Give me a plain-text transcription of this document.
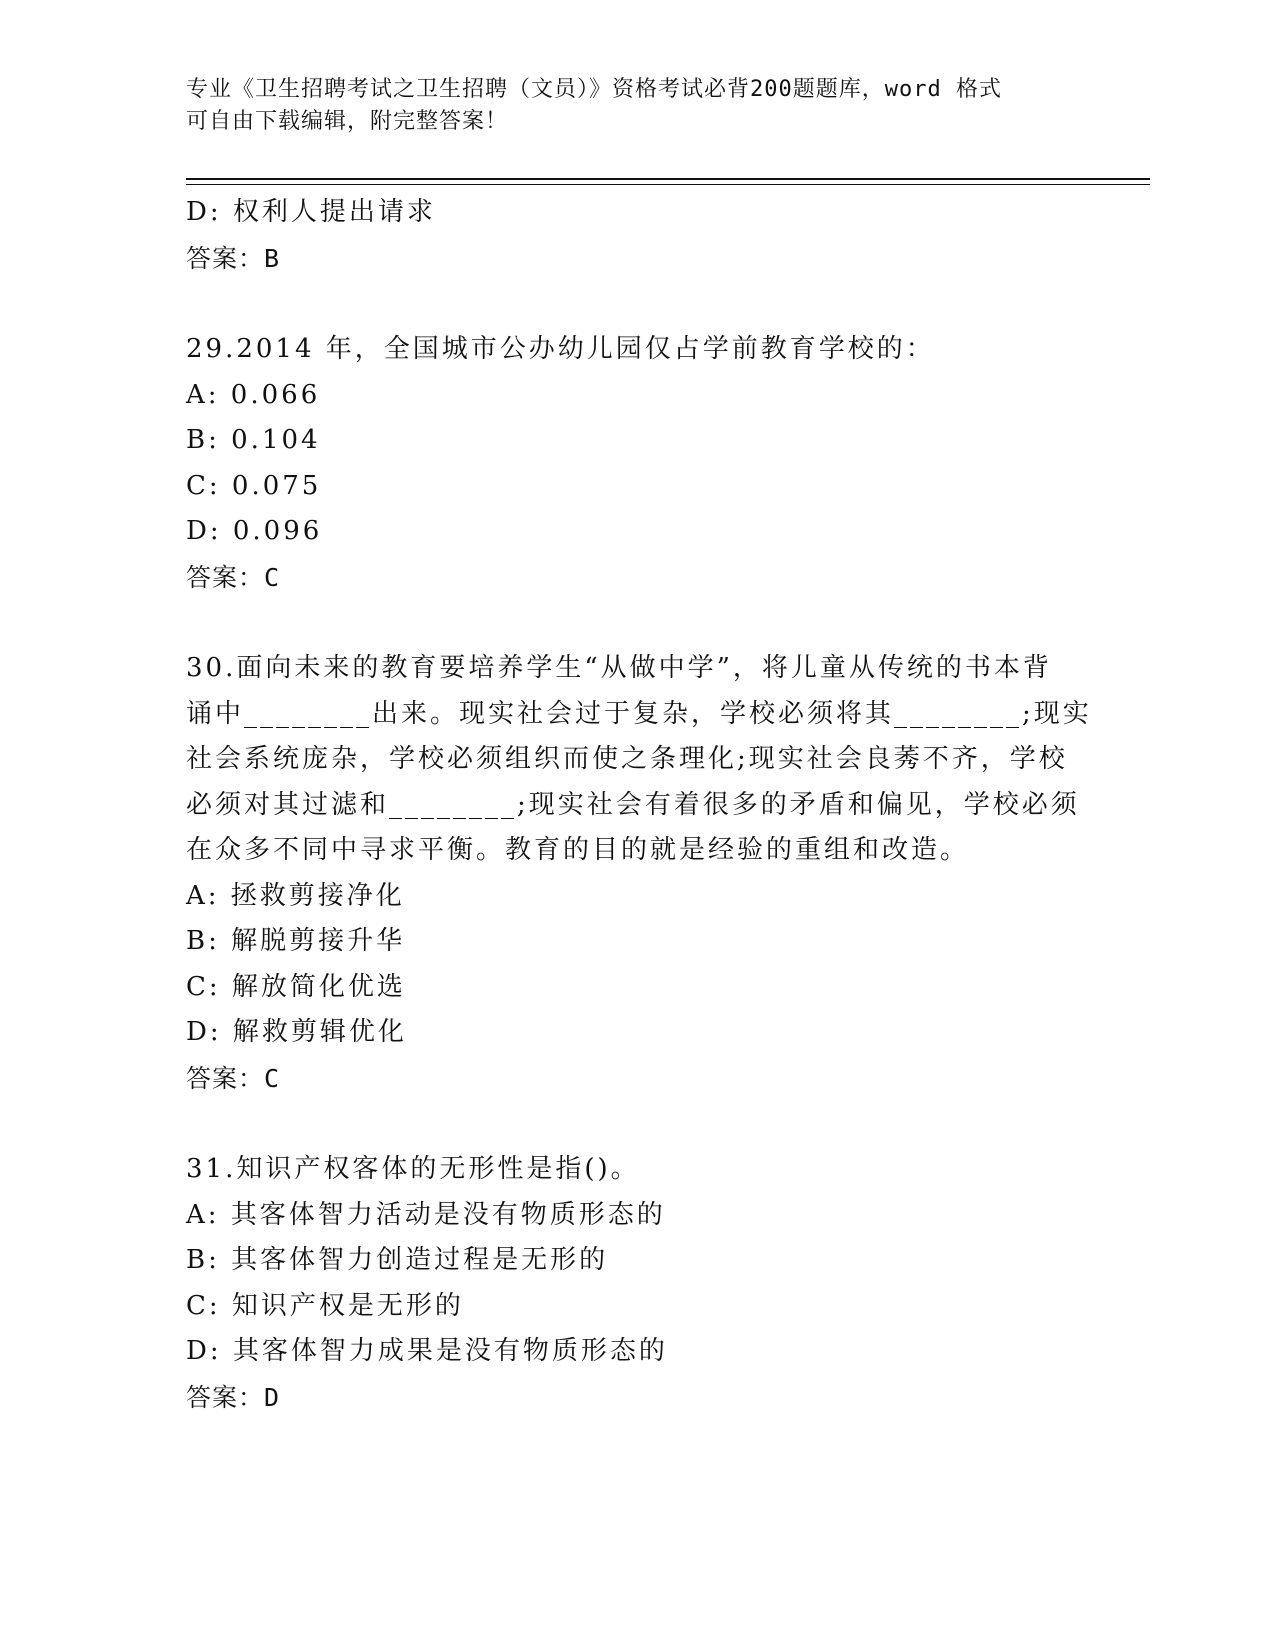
专业《卫生招聘考试之卫生招聘（文员）》资格考试必背200题题库，word 格式
可自由下载编辑，附完整答案！
D: 权利人提出请求
答案：B
29.2014 年，全国城市公办幼儿园仅占学前教育学校的：
A: 0.066
B: 0.104
C: 0.075
D: 0.096
答案：C
30.面向未来的教育要培养学生“从做中学”，将儿童从传统的书本背
诵中________出来。现实社会过于复杂，学校必须将其________;现实
社会系统庞杂，学校必须组织而使之条理化;现实社会良莠不齐，学校
必须对其过滤和________;现实社会有着很多的矛盾和偏见，学校必须
在众多不同中寻求平衡。教育的目的就是经验的重组和改造。
A: 拯救剪接净化
B: 解脱剪接升华
C: 解放简化优选
D: 解救剪辑优化
答案：C
31.知识产权客体的无形性是指()。
A: 其客体智力活动是没有物质形态的
B: 其客体智力创造过程是无形的
C: 知识产权是无形的
D: 其客体智力成果是没有物质形态的
答案：D
